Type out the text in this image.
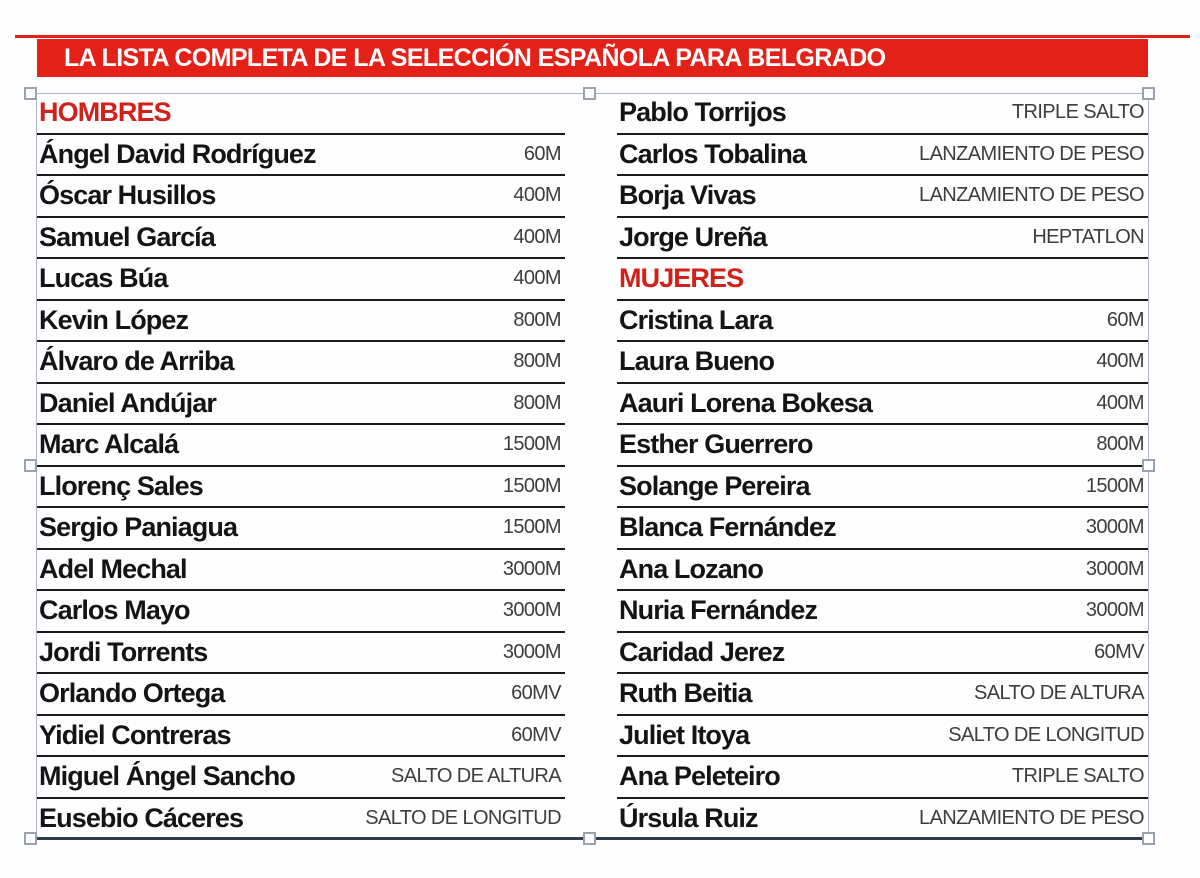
LA LISTA COMPLETA DE LA SELECCIÓN ESPAÑOLA PARA BELGRADO
HOMBRES
Ángel David Rodríguez	60M
Óscar Husillos	400M
Samuel García	400M
Lucas Búa	400M
Kevin López	800M
Álvaro de Arriba	800M
Daniel Andújar	800M
Marc Alcalá	1500M
Llorenç Sales	1500M
Sergio Paniagua	1500M
Adel Mechal	3000M
Carlos Mayo	3000M
Jordi Torrents	3000M
Orlando Ortega	60MV
Yidiel Contreras	60MV
Miguel Ángel Sancho	SALTO DE ALTURA
Eusebio Cáceres	SALTO DE LONGITUD
Pablo Torrijos	TRIPLE SALTO
Carlos Tobalina	LANZAMIENTO DE PESO
Borja Vivas	LANZAMIENTO DE PESO
Jorge Ureña	HEPTATLON
MUJERES
Cristina Lara	60M
Laura Bueno	400M
Aauri Lorena Bokesa	400M
Esther Guerrero	800M
Solange Pereira	1500M
Blanca Fernández	3000M
Ana Lozano	3000M
Nuria Fernández	3000M
Caridad Jerez	60MV
Ruth Beitia	SALTO DE ALTURA
Juliet Itoya	SALTO DE LONGITUD
Ana Peleteiro	TRIPLE SALTO
Úrsula Ruiz	LANZAMIENTO DE PESO
